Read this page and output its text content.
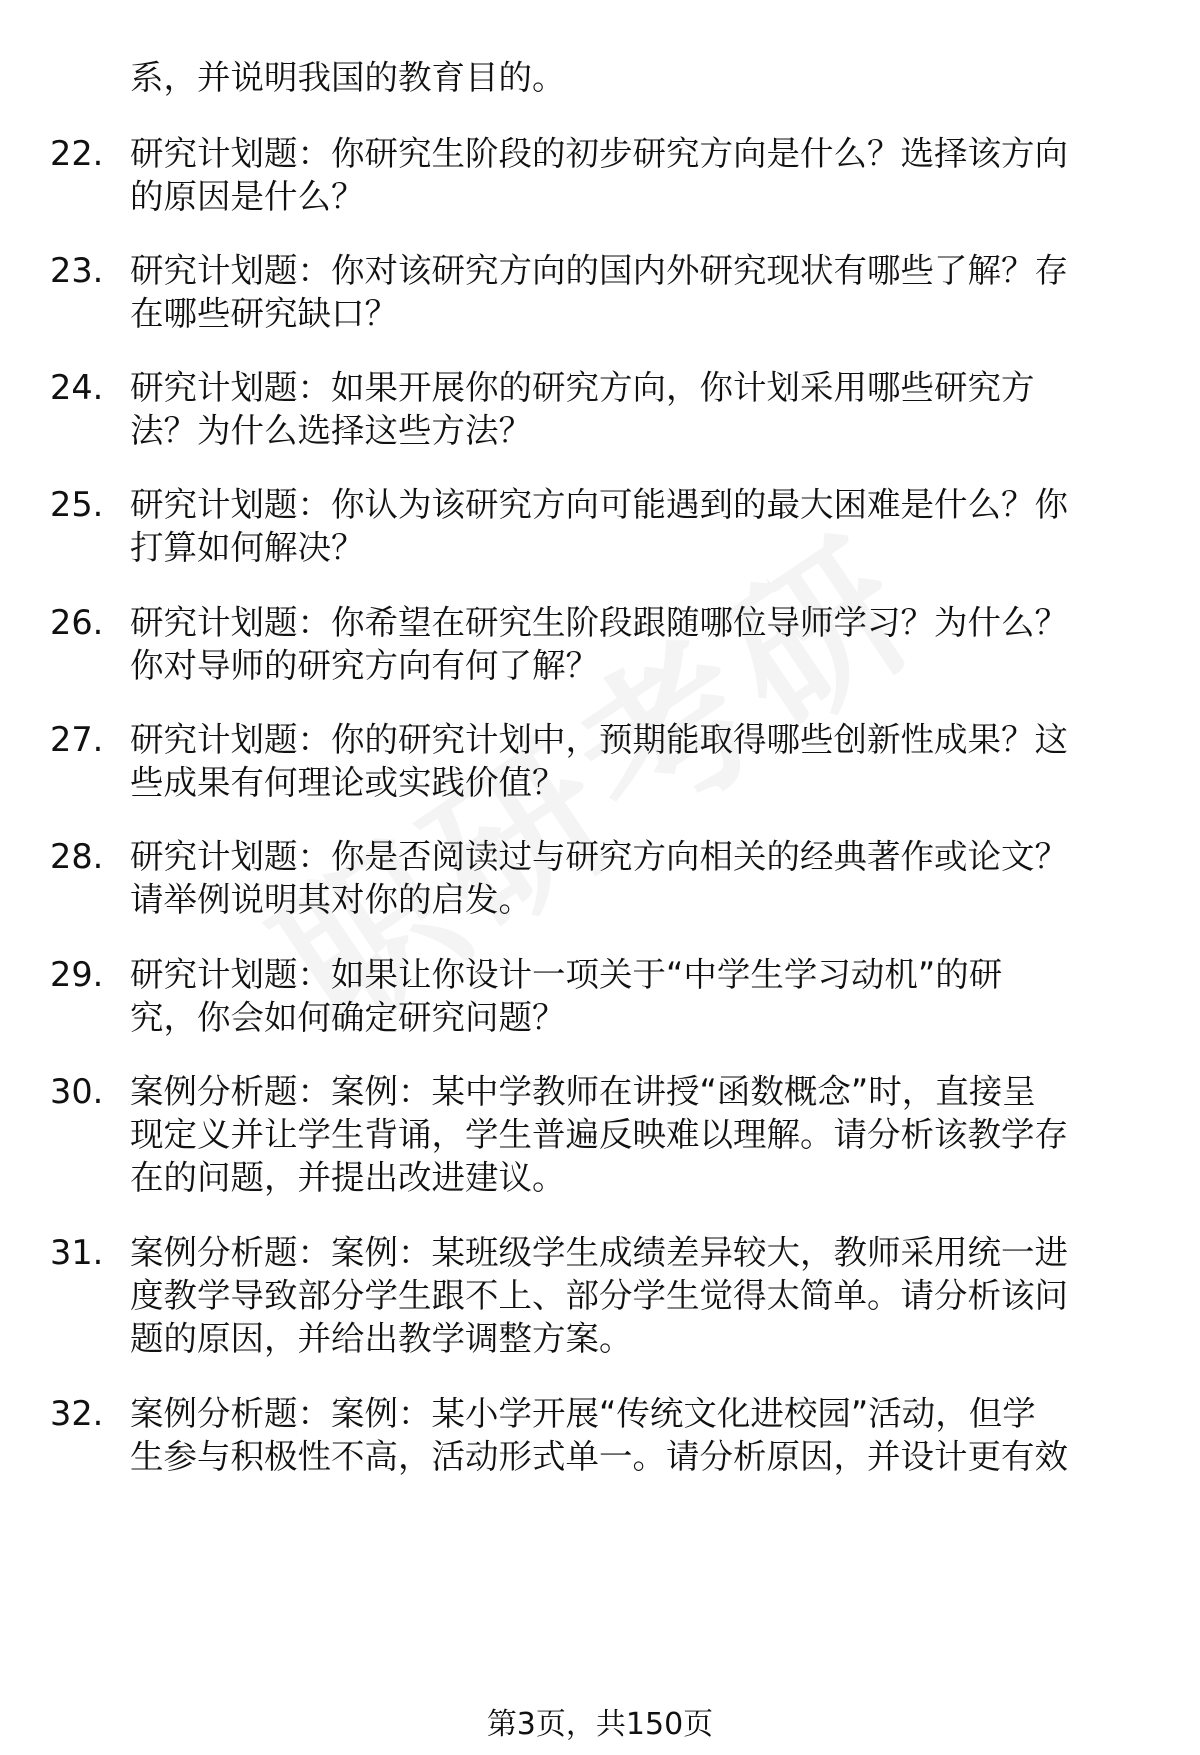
系，并说明我国的教育目的。
22. 研究计划题：你研究生阶段的初步研究方向是什么？选择该方向
的原因是什么？
23. 研究计划题：你对该研究方向的国内外研究现状有哪些了解？存
在哪些研究缺口？
24. 研究计划题：如果开展你的研究方向，你计划采用哪些研究方
法？为什么选择这些方法？
25. 研究计划题：你认为该研究方向可能遇到的最大困难是什么？你
打算如何解决？
26. 研究计划题：你希望在研究生阶段跟随哪位导师学习？为什么？
你对导师的研究方向有何了解？
27. 研究计划题：你的研究计划中，预期能取得哪些创新性成果？这
些成果有何理论或实践价值？
28. 研究计划题：你是否阅读过与研究方向相关的经典著作或论文？
请举例说明其对你的启发。
29. 研究计划题：如果让你设计一项关于“中学生学习动机”的研
究，你会如何确定研究问题？
30. 案例分析题：案例：某中学教师在讲授“函数概念”时，直接呈
现定义并让学生背诵，学生普遍反映难以理解。请分析该教学存
在的问题，并提出改进建议。
31. 案例分析题：案例：某班级学生成绩差异较大，教师采用统一进
度教学导致部分学生跟不上、部分学生觉得太简单。请分析该问
题的原因，并给出教学调整方案。
32. 案例分析题：案例：某小学开展“传统文化进校园”活动，但学
生参与积极性不高，活动形式单一。请分析原因，并设计更有效
第3页，共150页
